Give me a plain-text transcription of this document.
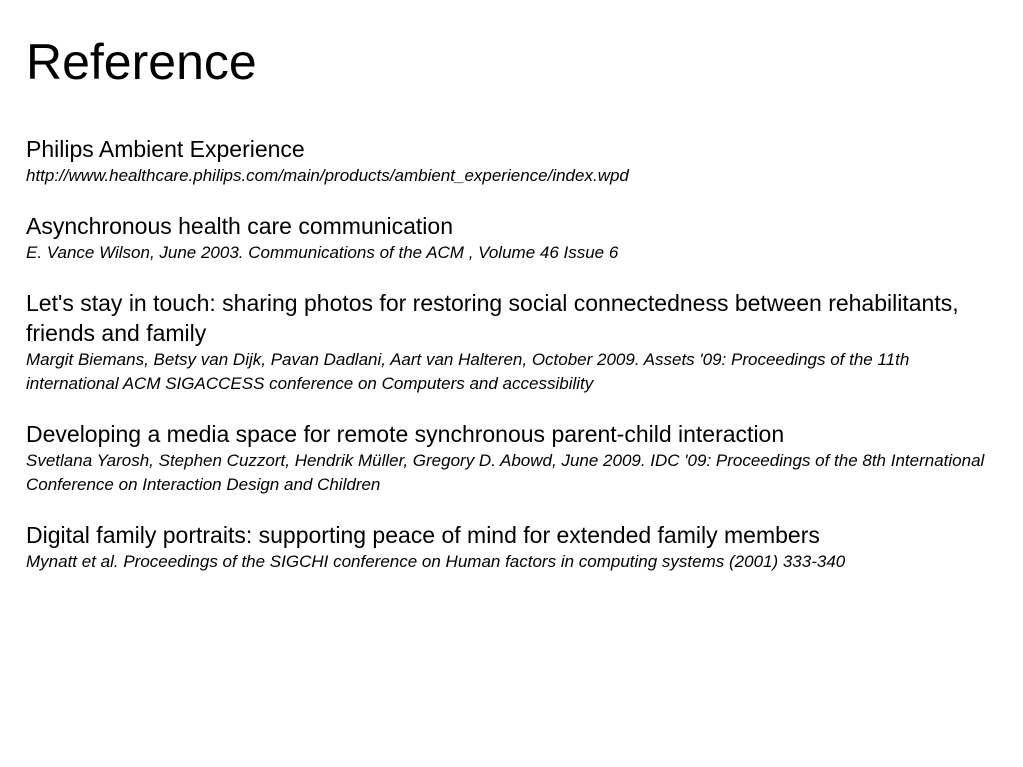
Reference
Philips Ambient Experience
http://www.healthcare.philips.com/main/products/ambient_experience/index.wpd
Asynchronous health care communication
E. Vance Wilson, June 2003. Communications of the ACM , Volume 46 Issue 6
Let's stay in touch: sharing photos for restoring social connectedness between rehabilitants, friends and family
Margit Biemans, Betsy van Dijk, Pavan Dadlani, Aart van Halteren, October 2009. Assets '09: Proceedings of the 11th international ACM SIGACCESS conference on Computers and accessibility
Developing a media space for remote synchronous parent-child interaction
Svetlana Yarosh, Stephen Cuzzort, Hendrik Müller, Gregory D. Abowd, June 2009. IDC '09: Proceedings of the 8th International Conference on Interaction Design and Children
Digital family portraits: supporting peace of mind for extended family members
Mynatt et al. Proceedings of the SIGCHI conference on Human factors in computing systems (2001) 333-340
